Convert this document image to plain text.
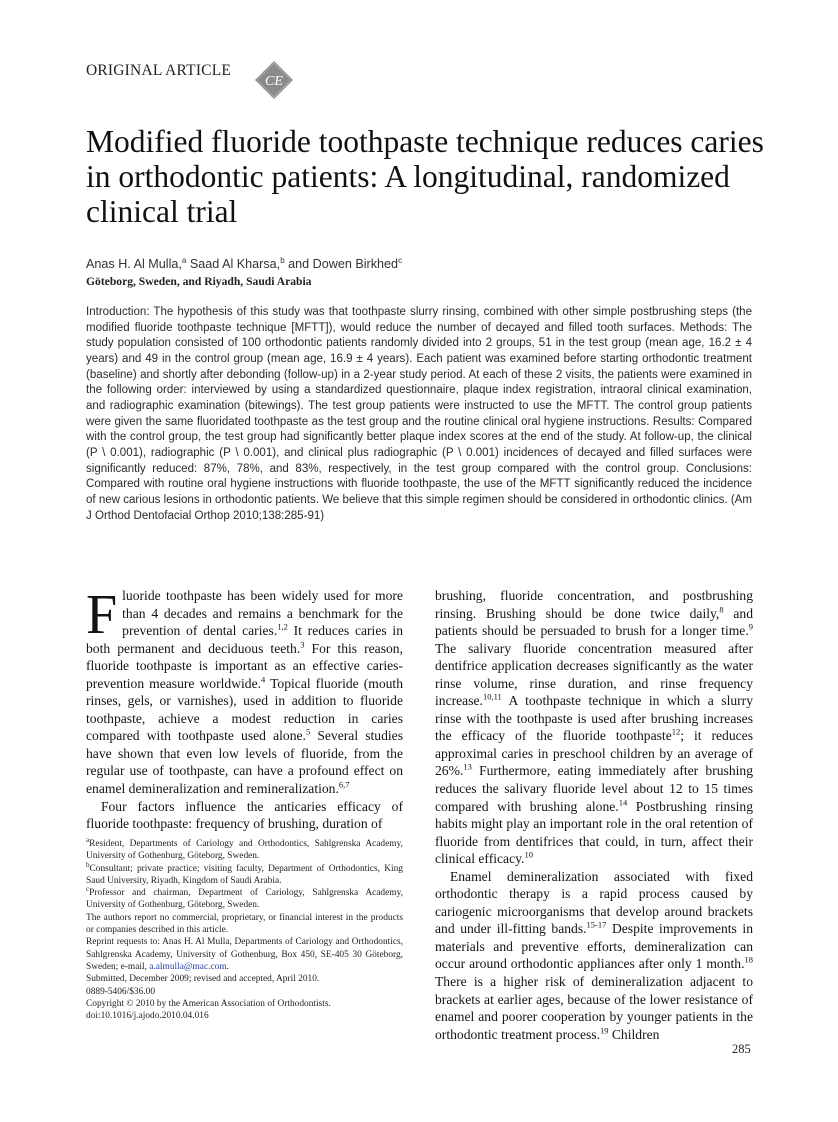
ORIGINAL ARTICLE
CE
Modified fluoride toothpaste technique reduces caries in orthodontic patients: A longitudinal, randomized clinical trial
Anas H. Al Mulla,$^a$ Saad Al Kharsa,$^b$ and Dowen Birkhed$^c$
Göteborg, Sweden, and Riyadh, Saudi Arabia

Introduction: The hypothesis of this study was that toothpaste slurry rinsing, combined with other simple postbrushing steps (the modified fluoride toothpaste technique [MFTT]), would reduce the number of decayed and filled tooth surfaces. Methods: The study population consisted of 100 orthodontic patients randomly divided into 2 groups, 51 in the test group (mean age, 16.2 ± 4 years) and 49 in the control group (mean age, 16.9 ± 4 years). Each patient was examined before starting orthodontic treatment (baseline) and shortly after debonding (follow-up) in a 2-year study period. At each of these 2 visits, the patients were examined in the following order: interviewed by using a standardized questionnaire, plaque index registration, intraoral clinical examination, and radiographic examination (bitewings). The test group patients were instructed to use the MFTT. The control group patients were given the same fluoridated toothpaste as the test group and the routine clinical oral hygiene instructions. Results: Compared with the control group, the test group had significantly better plaque index scores at the end of the study. At follow-up, the clinical (P \ 0.001), radiographic (P \ 0.001), and clinical plus radiographic (P \ 0.001) incidences of decayed and filled surfaces were significantly reduced: 87%, 78%, and 83%, respectively, in the test group compared with the control group. Conclusions: Compared with routine oral hygiene instructions with fluoride toothpaste, the use of the MFTT significantly reduced the incidence of new carious lesions in orthodontic patients. We believe that this simple regimen should be considered in orthodontic clinics. (Am J Orthod Dentofacial Orthop 2010;138:285-91)

Fluoride toothpaste has been widely used for more than 4 decades and remains a benchmark for the prevention of dental caries.$^{1,2}$ It reduces caries in both permanent and deciduous teeth.$^3$ For this reason, fluoride toothpaste is important as an effective caries-prevention measure worldwide.$^4$ Topical fluoride (mouth rinses, gels, or varnishes), used in addition to fluoride toothpaste, achieve a modest reduction in caries compared with toothpaste used alone.$^5$ Several studies have shown that even low levels of fluoride, from the regular use of toothpaste, can have a profound effect on enamel demineralization and remineralization.$^{6,7}$

Four factors influence the anticaries efficacy of fluoride toothpaste: frequency of brushing, duration of

$^a$Resident, Departments of Cariology and Orthodontics, Sahlgrenska Academy, University of Gothenburg, Göteborg, Sweden.

$^b$Consultant; private practice; visiting faculty, Department of Orthodontics, King Saud University, Riyadh, Kingdom of Saudi Arabia.

$^c$Professor and chairman, Department of Cariology, Sahlgrenska Academy, University of Gothenburg, Göteborg, Sweden.

The authors report no commercial, proprietary, or financial interest in the products or companies described in this article.

Reprint requests to: Anas H. Al Mulla, Departments of Cariology and Orthodontics, Sahlgrenska Academy, University of Gothenburg, Box 450, SE-405 30 Göteborg, Sweden; e-mail, a.almulla@mac.com.

Submitted, December 2009; revised and accepted, April 2010.

0889-5406/$36.00

Copyright © 2010 by the American Association of Orthodontists.

doi:10.1016/j.ajodo.2010.04.016

brushing, fluoride concentration, and postbrushing rinsing. Brushing should be done twice daily,$^8$ and patients should be persuaded to brush for a longer time.$^9$ The salivary fluoride concentration measured after dentifrice application decreases significantly as the water rinse volume, rinse duration, and rinse frequency increase.$^{10,11}$ A toothpaste technique in which a slurry rinse with the toothpaste is used after brushing increases the efficacy of the fluoride toothpaste$^{12}$; it reduces approximal caries in preschool children by an average of 26%.$^{13}$ Furthermore, eating immediately after brushing reduces the salivary fluoride level about 12 to 15 times compared with brushing alone.$^{14}$ Postbrushing rinsing habits might play an important role in the oral retention of fluoride from dentifrices that could, in turn, affect their clinical efficacy.$^{10}$

Enamel demineralization associated with fixed orthodontic therapy is a rapid process caused by cariogenic microorganisms that develop around brackets and under ill-fitting bands.$^{15-17}$ Despite improvements in materials and preventive efforts, demineralization can occur around orthodontic appliances after only 1 month.$^{18}$ There is a higher risk of demineralization adjacent to brackets at earlier ages, because of the lower resistance of enamel and poorer cooperation by younger patients in the orthodontic treatment process.$^{19}$ Children

285
